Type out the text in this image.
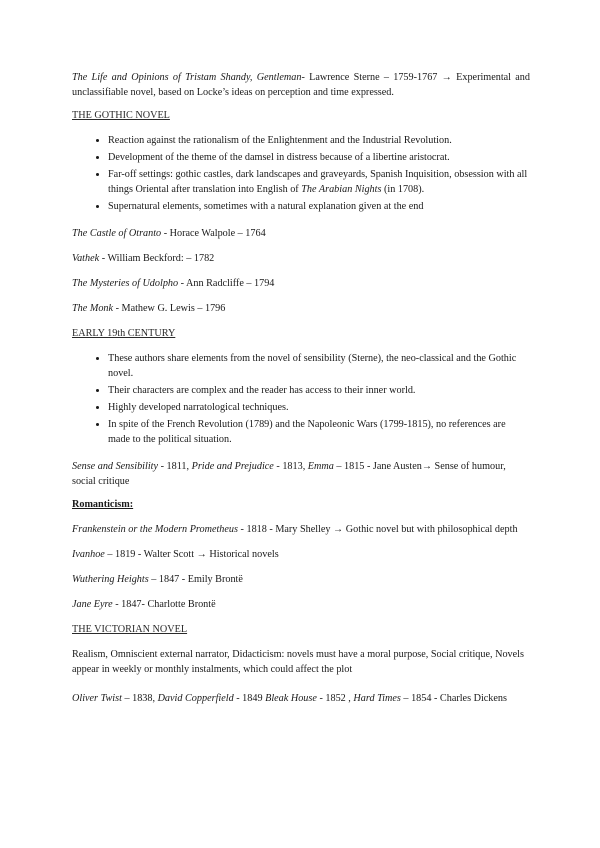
The Life and Opinions of Tristam Shandy, Gentleman- Lawrence Sterne – 1759-1767 → Experimental and unclassifiable novel, based on Locke’s ideas on perception and time expressed.

THE GOTHIC NOVEL
• Reaction against the rationalism of the Enlightenment and the Industrial Revolution.
• Development of the theme of the damsel in distress because of a libertine aristocrat.
• Far-off settings: gothic castles, dark landscapes and graveyards, Spanish Inquisition, obsession with all things Oriental after translation into English of The Arabian Nights (in 1708).
• Supernatural elements, sometimes with a natural explanation given at the end

The Castle of Otranto - Horace Walpole – 1764

Vathek - William Beckford: – 1782

The Mysteries of Udolpho - Ann Radcliffe – 1794

The Monk - Mathew G. Lewis – 1796

EARLY 19th CENTURY
• These authors share elements from the novel of sensibility (Sterne), the neo-classical and the Gothic novel.
• Their characters are complex and the reader has access to their inner world.
• Highly developed narratological techniques.
• In spite of the French Revolution (1789) and the Napoleonic Wars (1799-1815), no references are made to the political situation.

Sense and Sensibility - 1811, Pride and Prejudice - 1813, Emma – 1815 - Jane Austen→ Sense of humour, social critique

Romanticism:

Frankenstein or the Modern Prometheus - 1818 - Mary Shelley → Gothic novel but with philosophical depth

Ivanhoe – 1819 - Walter Scott → Historical novels

Wuthering Heights – 1847 - Emily Brontë

Jane Eyre - 1847- Charlotte Brontë

THE VICTORIAN NOVEL

Realism, Omniscient external narrator, Didacticism: novels must have a moral purpose, Social critique, Novels appear in weekly or monthly instalments, which could affect the plot

Oliver Twist – 1838, David Copperfield - 1849 Bleak House - 1852 , Hard Times – 1854 - Charles Dickens
